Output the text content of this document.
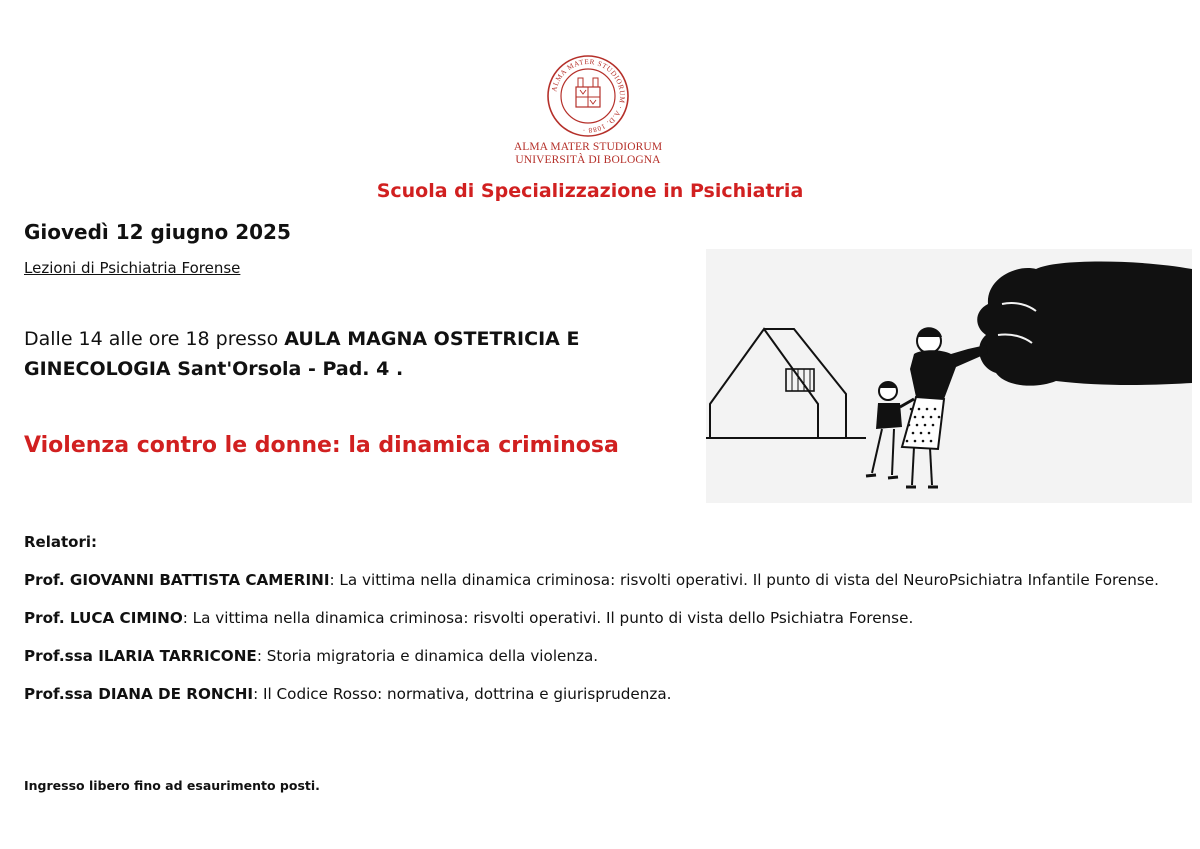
ALMA MATER STUDIORUM · A.D. 1088 ·
ALMA MATER STUDIORUM
UNIVERSITÀ DI BOLOGNA
Scuola di Specializzazione in Psichiatria
Giovedì 12 giugno 2025
Lezioni di Psichiatria Forense
Dalle 14 alle ore 18 presso AULA MAGNA OSTETRICIA E GINECOLOGIA Sant'Orsola - Pad. 4 .
Violenza contro le donne: la dinamica criminosa
Relatori:
Prof. GIOVANNI BATTISTA CAMERINI: La vittima nella dinamica criminosa: risvolti operativi. Il punto di vista del NeuroPsichiatra Infantile Forense.
Prof. LUCA CIMINO: La vittima nella dinamica criminosa: risvolti operativi. Il punto di vista dello Psichiatra Forense.
Prof.ssa ILARIA TARRICONE: Storia migratoria e dinamica della violenza.
Prof.ssa DIANA DE RONCHI: Il Codice Rosso: normativa, dottrina e giurisprudenza.
Ingresso libero fino ad esaurimento posti.
